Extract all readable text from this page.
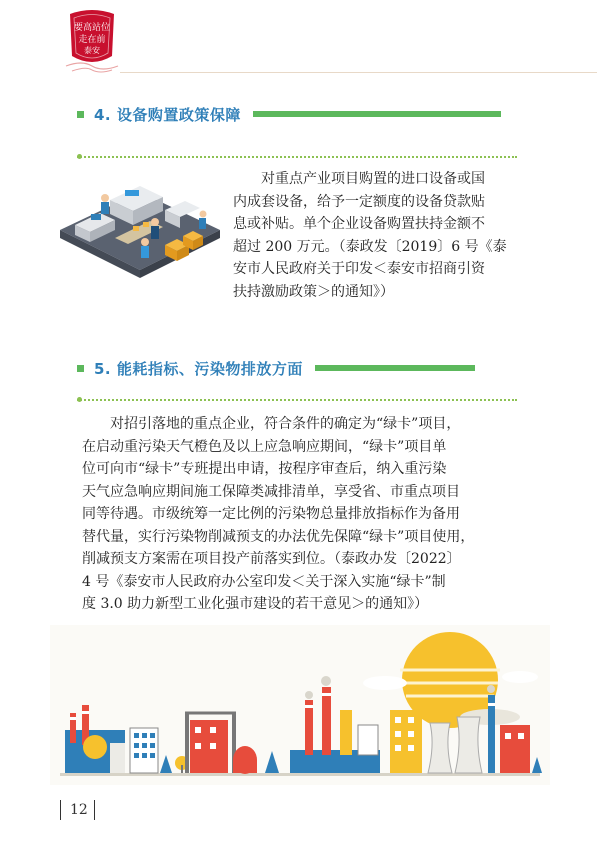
要高站位
走在前
泰安
4. 设备购置政策保障

对重点产业项目购置的进口设备或国

内成套设备，给予一定额度的设备贷款贴

息或补贴。单个企业设备购置扶持金额不

超过 200 万元。（泰政发〔2019〕6 号《泰

安市人民政府关于印发＜泰安市招商引资

扶持激励政策＞的通知》）

5. 能耗指标、污染物排放方面

对招引落地的重点企业，符合条件的确定为“绿卡”项目，

在启动重污染天气橙色及以上应急响应期间，“绿卡”项目单

位可向市“绿卡”专班提出申请，按程序审查后，纳入重污染

天气应急响应期间施工保障类减排清单，享受省、市重点项目

同等待遇。市级统筹一定比例的污染物总量排放指标作为备用

替代量，实行污染物削减预支的办法优先保障“绿卡”项目使用，

削减预支方案需在项目投产前落实到位。（泰政办发〔2022〕

4 号《泰安市人民政府办公室印发＜关于深入实施“绿卡”制

度 3.0 助力新型工业化强市建设的若干意见＞的通知》）

12
